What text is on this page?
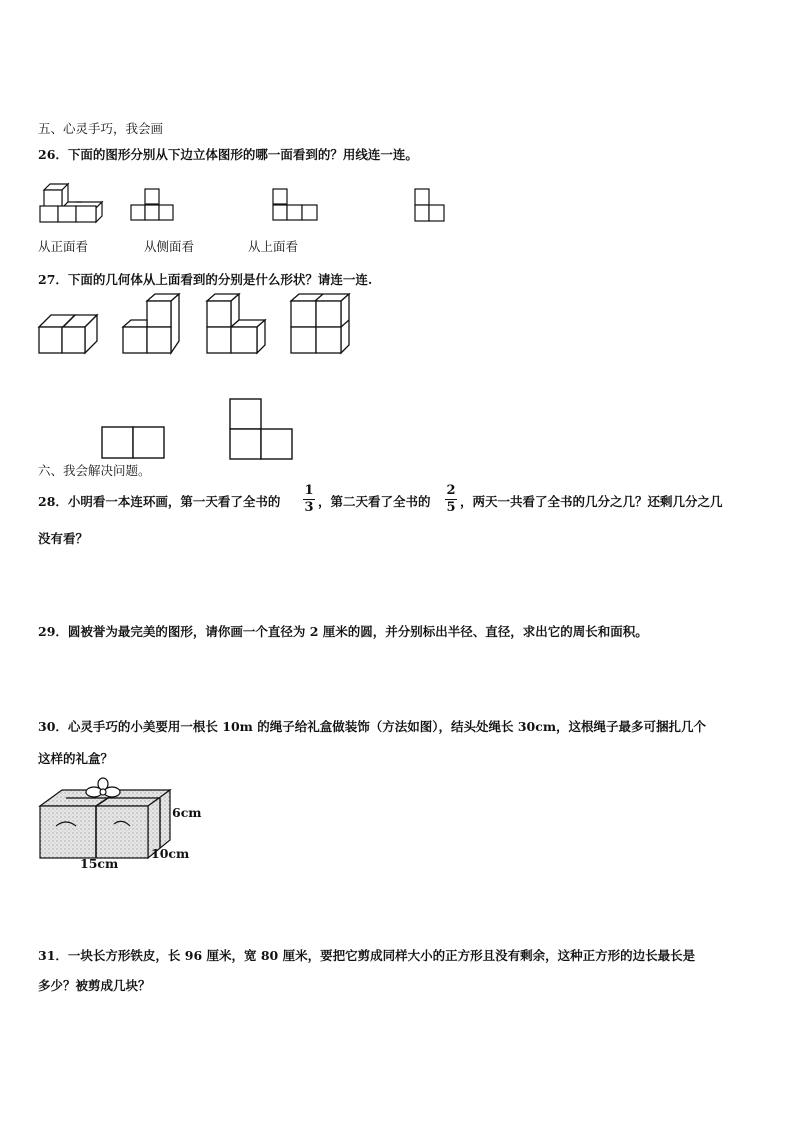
五、心灵手巧，我会画
26．下面的图形分别从下边立体图形的哪一面看到的？用线连一连。
从正面看	从侧面看	从上面看
27．下面的几何体从上面看到的分别是什么形状？请连一连.
六、我会解决问题。
28．小明看一本连环画，第一天看了全书的
1
3 ，第二天看了全书的
2
5 ，两天一共看了全书的几分之几？还剩几分之几
没有看？
29．圆被誉为最完美的图形，请你画一个直径为 2 厘米的圆，并分别标出半径、直径，求出它的周长和面积。
30．心灵手巧的小美要用一根长 10m 的绳子给礼盒做装饰（方法如图），结头处绳长 30cm，这根绳子最多可捆扎几个
这样的礼盒？
6cm
10cm
15cm
31．一块长方形铁皮，长 96 厘米，宽 80 厘米，要把它剪成同样大小的正方形且没有剩余，这种正方形的边长最长是
多少？被剪成几块？
